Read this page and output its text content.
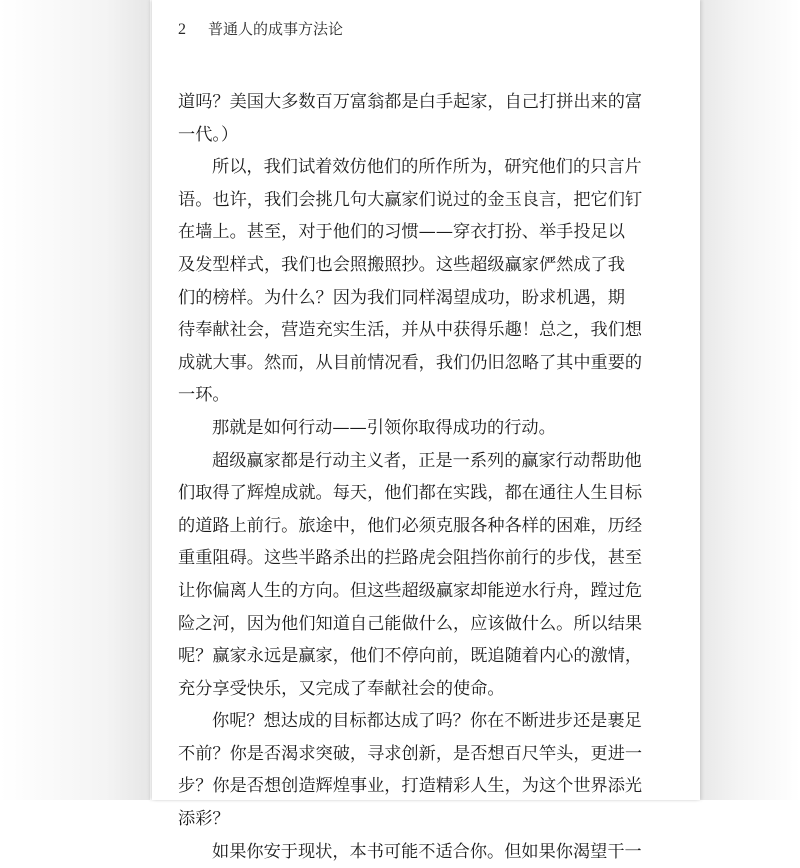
2 普通人的成事方法论
道吗？美国大多数百万富翁都是白手起家，自己打拼出来的富
一代。）
所以，我们试着效仿他们的所作所为，研究他们的只言片
语。也许，我们会挑几句大赢家们说过的金玉良言，把它们钉
在墙上。甚至，对于他们的习惯——穿衣打扮、举手投足以
及发型样式，我们也会照搬照抄。这些超级赢家俨然成了我
们的榜样。为什么？因为我们同样渴望成功，盼求机遇，期
待奉献社会，营造充实生活，并从中获得乐趣！总之，我们想
成就大事。然而，从目前情况看，我们仍旧忽略了其中重要的
一环。
那就是如何行动——引领你取得成功的行动。
超级赢家都是行动主义者，正是一系列的赢家行动帮助他
们取得了辉煌成就。每天，他们都在实践，都在通往人生目标
的道路上前行。旅途中，他们必须克服各种各样的困难，历经
重重阻碍。这些半路杀出的拦路虎会阻挡你前行的步伐，甚至
让你偏离人生的方向。但这些超级赢家却能逆水行舟，蹚过危
险之河，因为他们知道自己能做什么，应该做什么。所以结果
呢？赢家永远是赢家，他们不停向前，既追随着内心的激情，
充分享受快乐，又完成了奉献社会的使命。
你呢？想达成的目标都达成了吗？你在不断进步还是裹足
不前？你是否渴求突破，寻求创新，是否想百尺竿头，更进一
步？你是否想创造辉煌事业，打造精彩人生，为这个世界添光
添彩？
如果你安于现状，本书可能不适合你。但如果你渴望干一
